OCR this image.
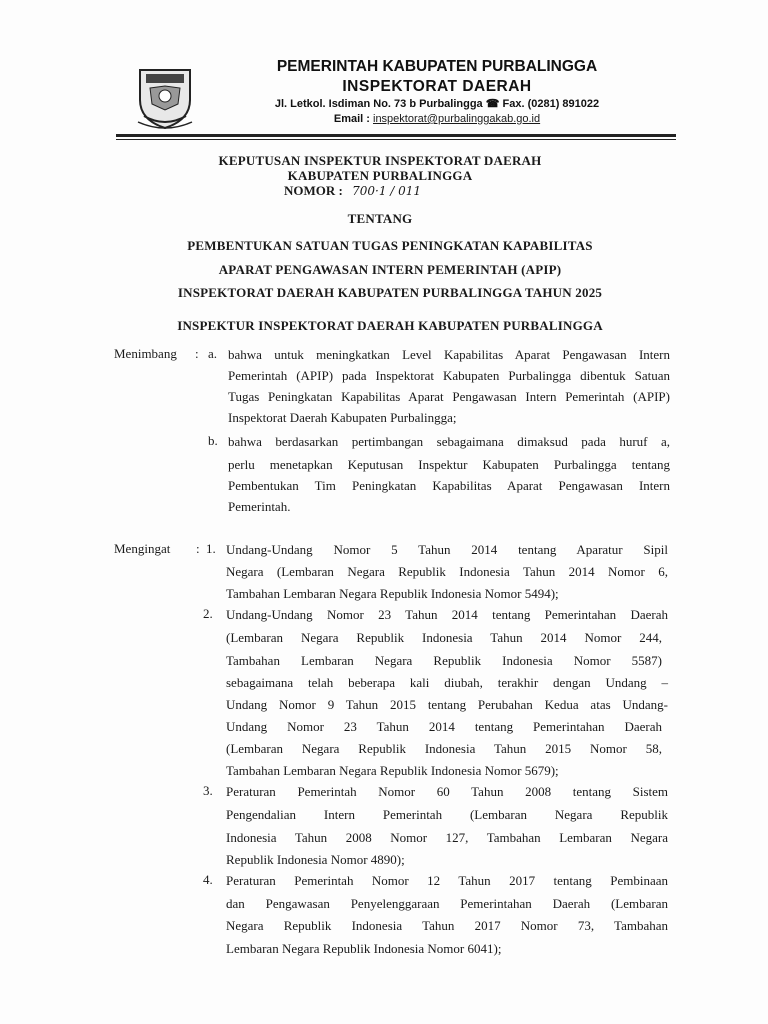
PEMERINTAH KABUPATEN PURBALINGGA
INSPEKTORAT DAERAH
Jl. Letkol. Isdiman No. 73 b Purbalingga ☎ Fax. (0281) 891022
Email : inspektorat@purbalinggakab.go.id
KEPUTUSAN INSPEKTUR INSPEKTORAT DAERAH
KABUPATEN PURBALINGGA
NOMOR : 700·1 / 011
TENTANG
PEMBENTUKAN SATUAN TUGAS PENINGKATAN KAPABILITAS
APARAT PENGAWASAN INTERN PEMERINTAH (APIP)
INSPEKTORAT DAERAH KABUPATEN PURBALINGGA TAHUN 2025
INSPEKTUR INSPEKTORAT DAERAH KABUPATEN PURBALINGGA
Menimbang : a. bahwa untuk meningkatkan Level Kapabilitas Aparat Pengawasan Intern
Pemerintah (APIP) pada Inspektorat Kabupaten Purbalingga dibentuk Satuan
Tugas Peningkatan Kapabilitas Aparat Pengawasan Intern Pemerintah (APIP)
Inspektorat Daerah Kabupaten Purbalingga;
b. bahwa berdasarkan pertimbangan sebagaimana dimaksud pada huruf a,
perlu menetapkan Keputusan Inspektur Kabupaten Purbalingga tentang
Pembentukan Tim Peningkatan Kapabilitas Aparat Pengawasan Intern
Pemerintah.
Mengingat : 1. Undang-Undang Nomor 5 Tahun 2014 tentang Aparatur Sipil
Negara (Lembaran Negara Republik Indonesia Tahun 2014 Nomor 6,
Tambahan Lembaran Negara Republik Indonesia Nomor 5494);
2. Undang-Undang Nomor 23 Tahun 2014 tentang Pemerintahan Daerah
(Lembaran Negara Republik Indonesia Tahun 2014 Nomor 244,
Tambahan Lembaran Negara Republik Indonesia Nomor 5587)
sebagaimana telah beberapa kali diubah, terakhir dengan Undang –
Undang Nomor 9 Tahun 2015 tentang Perubahan Kedua atas Undang-
Undang Nomor 23 Tahun 2014 tentang Pemerintahan Daerah
(Lembaran Negara Republik Indonesia Tahun 2015 Nomor 58,
Tambahan Lembaran Negara Republik Indonesia Nomor 5679);
3. Peraturan Pemerintah Nomor 60 Tahun 2008 tentang Sistem
Pengendalian Intern Pemerintah (Lembaran Negara Republik
Indonesia Tahun 2008 Nomor 127, Tambahan Lembaran Negara
Republik Indonesia Nomor 4890);
4. Peraturan Pemerintah Nomor 12 Tahun 2017 tentang Pembinaan
dan Pengawasan Penyelenggaraan Pemerintahan Daerah (Lembaran
Negara Republik Indonesia Tahun 2017 Nomor 73, Tambahan
Lembaran Negara Republik Indonesia Nomor 6041);
